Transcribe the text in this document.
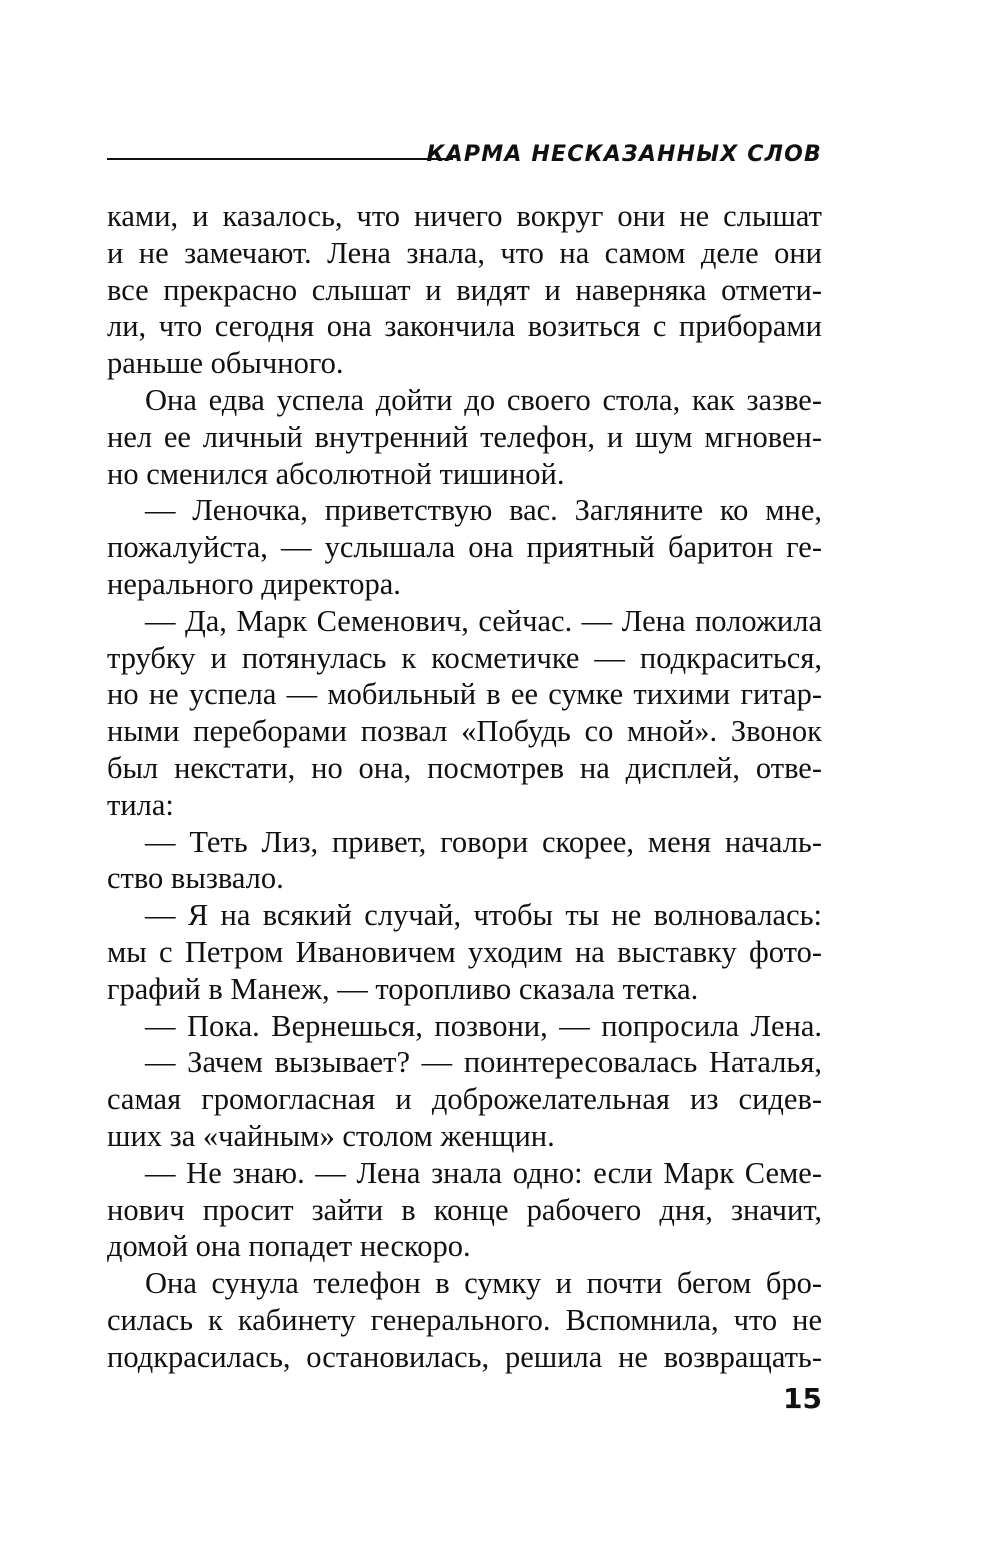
КАРМА НЕСКАЗАННЫХ СЛОВ
ками, и казалось, что ничего вокруг они не слышат
и не замечают. Лена знала, что на самом деле они
все прекрасно слышат и видят и наверняка отмети-
ли, что сегодня она закончила возиться с приборами
раньше обычного.
Она едва успела дойти до своего стола, как зазве-
нел ее личный внутренний телефон, и шум мгновен-
но сменился абсолютной тишиной.
— Леночка, приветствую вас. Загляните ко мне,
пожалуйста, — услышала она приятный баритон ге-
нерального директора.
— Да, Марк Семенович, сейчас. — Лена положила
трубку и потянулась к косметичке — подкраситься,
но не успела — мобильный в ее сумке тихими гитар-
ными переборами позвал «Побудь со мной». Звонок
был некстати, но она, посмотрев на дисплей, отве-
тила:
— Теть Лиз, привет, говори скорее, меня началь-
ство вызвало.
— Я на всякий случай, чтобы ты не волновалась:
мы с Петром Ивановичем уходим на выставку фото-
графий в Манеж, — торопливо сказала тетка.
— Пока. Вернешься, позвони, — попросила Лена.
— Зачем вызывает? — поинтересовалась Наталья,
самая громогласная и доброжелательная из сидев-
ших за «чайным» столом женщин.
— Не знаю. — Лена знала одно: если Марк Семе-
нович просит зайти в конце рабочего дня, значит,
домой она попадет нескоро.
Она сунула телефон в сумку и почти бегом бро-
силась к кабинету генерального. Вспомнила, что не
подкрасилась, остановилась, решила не возвращать-
15
